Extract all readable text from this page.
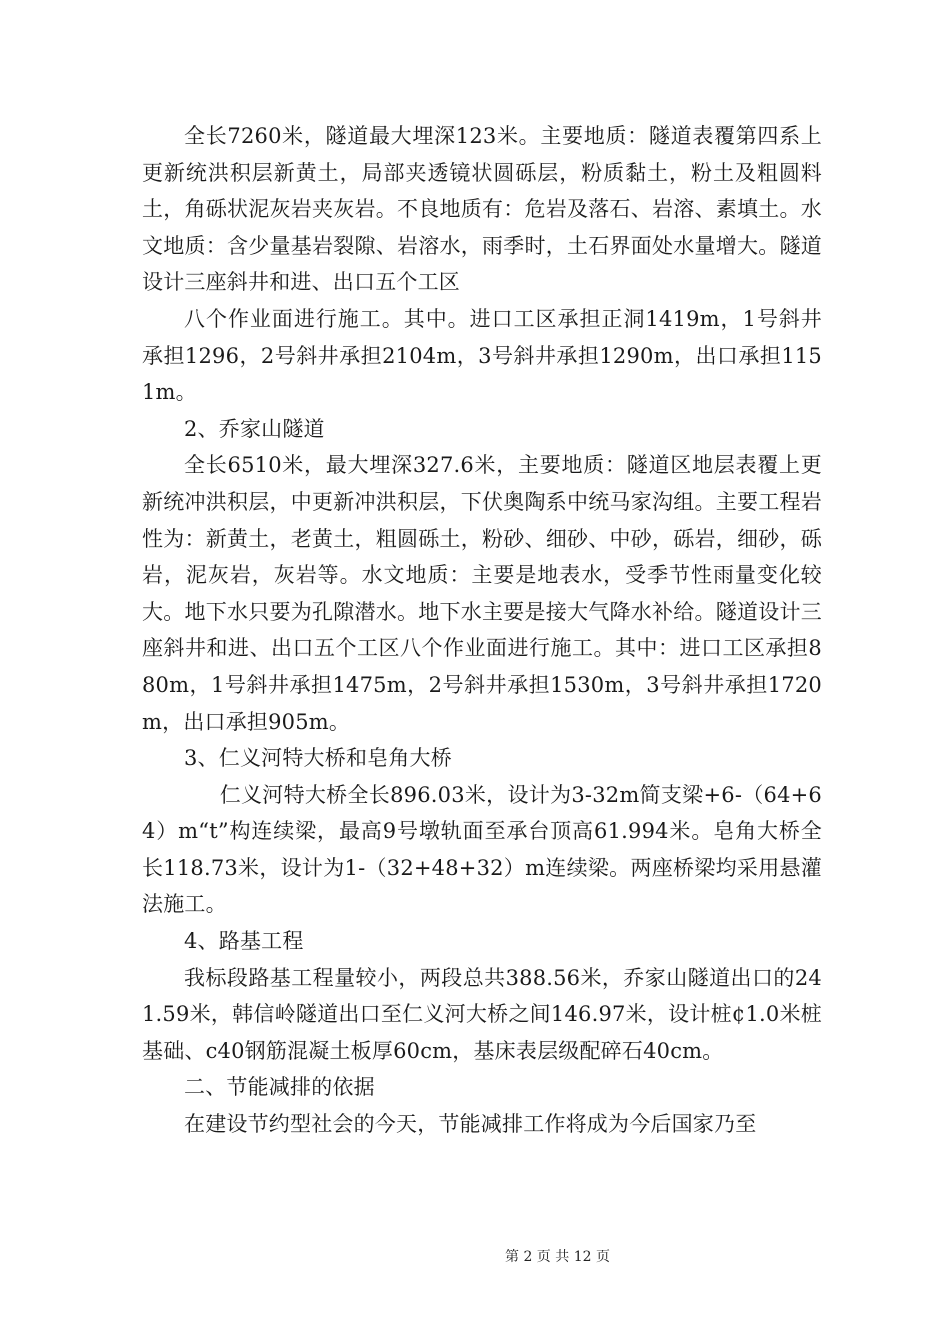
全长7260米，隧道最大埋深123米。主要地质：隧道表覆第四系上更新统洪积层新黄土，局部夹透镜状圆砾层，粉质黏土，粉土及粗圆料土，角砾状泥灰岩夹灰岩。不良地质有：危岩及落石、岩溶、素填土。水文地质：含少量基岩裂隙、岩溶水，雨季时，土石界面处水量增大。隧道设计三座斜井和进、出口五个工区

八个作业面进行施工。其中。进口工区承担正洞1419m，1号斜井承担1296，2号斜井承担2104m，3号斜井承担1290m，出口承担1151m。

2、乔家山隧道

全长6510米，最大埋深327.6米，主要地质：隧道区地层表覆上更新统冲洪积层，中更新冲洪积层，下伏奥陶系中统马家沟组。主要工程岩性为：新黄土，老黄土，粗圆砾土，粉砂、细砂、中砂，砾岩，细砂，砾岩，泥灰岩，灰岩等。水文地质：主要是地表水，受季节性雨量变化较大。地下水只要为孔隙潜水。地下水主要是接大气降水补给。隧道设计三座斜井和进、出口五个工区八个作业面进行施工。其中：进口工区承担880m，1号斜井承担1475m，2号斜井承担1530m，3号斜井承担1720m，出口承担905m。

3、仁义河特大桥和皂角大桥

仁义河特大桥全长896.03米，设计为3-32m简支梁+6-（64+64）m“t”构连续梁，最高9号墩轨面至承台顶高61.994米。皂角大桥全长118.73米，设计为1-（32+48+32）m连续梁。两座桥梁均采用悬灌法施工。

4、路基工程

我标段路基工程量较小，两段总共388.56米，乔家山隧道出口的241.59米，韩信岭隧道出口至仁义河大桥之间146.97米，设计桩¢1.0米桩基础、c40钢筋混凝土板厚60cm，基床表层级配碎石40cm。

二、节能减排的依据

在建设节约型社会的今天，节能减排工作将成为今后国家乃至

第 2 页 共 12 页
